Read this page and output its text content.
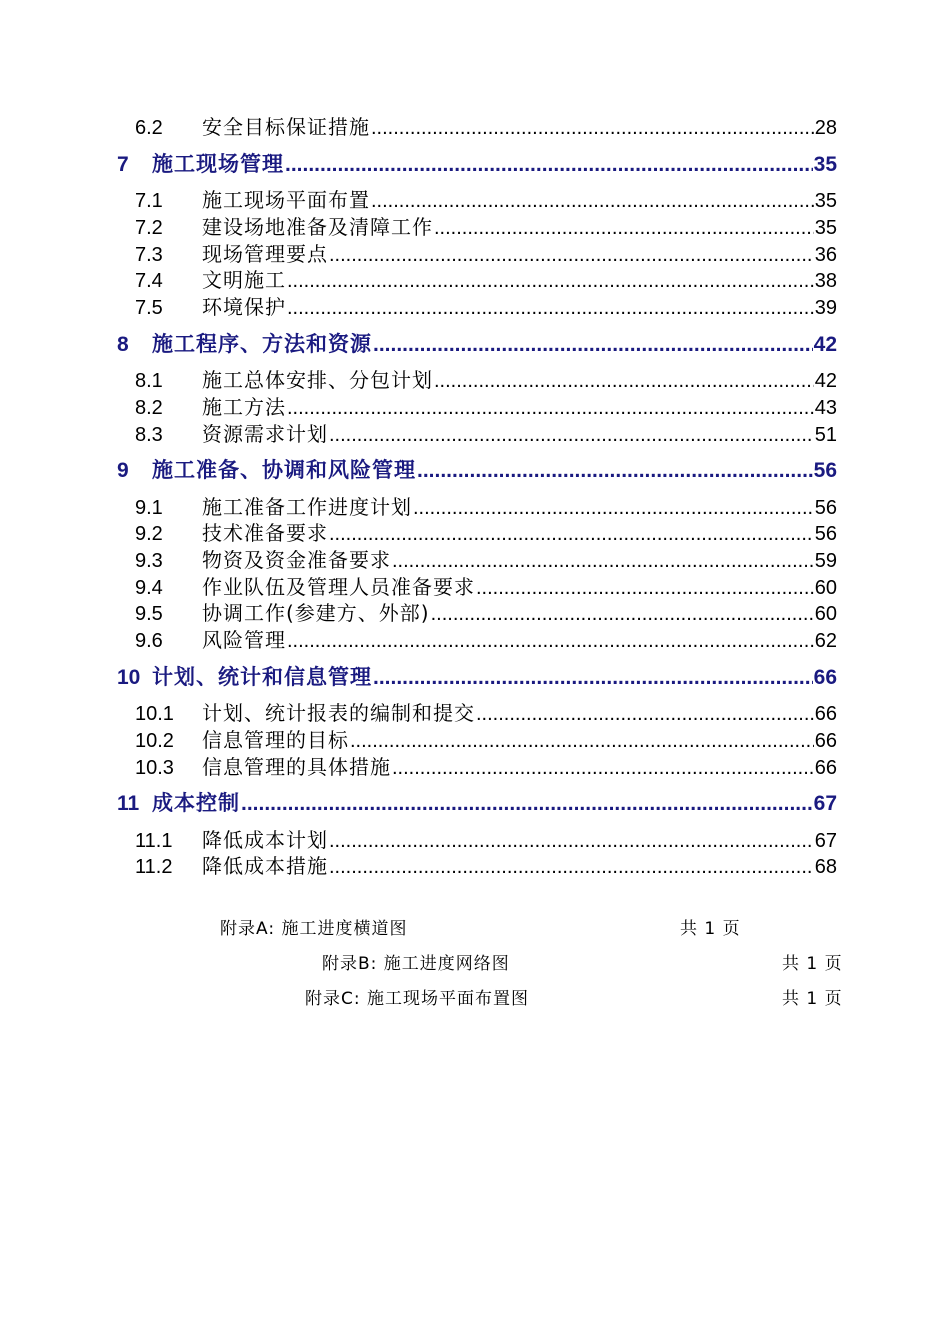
6.2	安全目标保证措施 .....	28
7	施工现场管理 .....	35
7.1	施工现场平面布置 .....	35
7.2	建设场地准备及清障工作 .....	35
7.3	现场管理要点 .....	36
7.4	文明施工 .....	38
7.5	环境保护 .....	39
8	施工程序、方法和资源 .....	42
8.1	施工总体安排、分包计划 .....	42
8.2	施工方法 .....	43
8.3	资源需求计划 .....	51
9	施工准备、协调和风险管理 .....	56
9.1	施工准备工作进度计划 .....	56
9.2	技术准备要求 .....	56
9.3	物资及资金准备要求 .....	59
9.4	作业队伍及管理人员准备要求 .....	60
9.5	协调工作(参建方、外部) .....	60
9.6	风险管理 .....	62
10 计划、统计和信息管理 .....	66
10.1	计划、统计报表的编制和提交 .....	66
10.2	信息管理的目标 .....	66
10.3	信息管理的具体措施 .....	66
11 成本控制 .....	67
11.1	降低成本计划 .....	67
11.2	降低成本措施 .....	68
附录A: 施工进度横道图	共 1 页
附录B: 施工进度网络图	共 1 页
附录C: 施工现场平面布置图	共 1 页
